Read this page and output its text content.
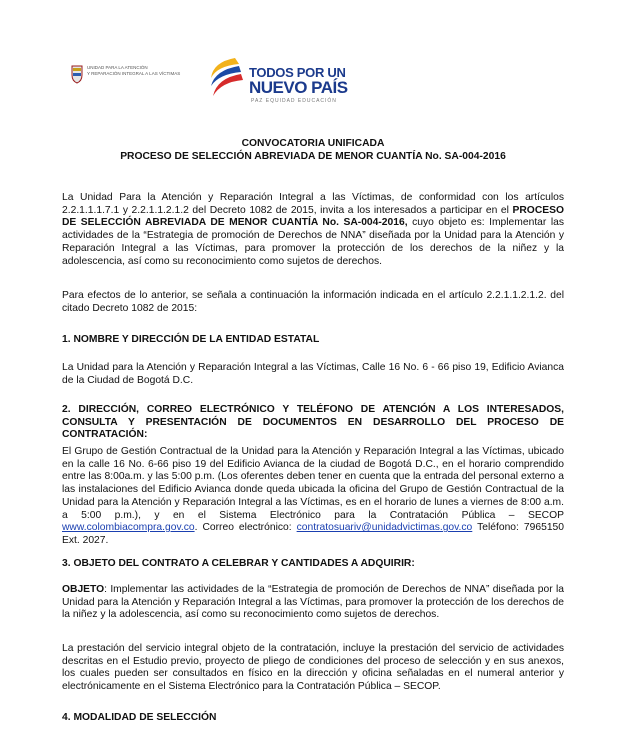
UNIDAD PARA LA ATENCIÓN
Y REPARACIÓN INTEGRAL A LAS VÍCTIMAS	TODOS POR UN
NUEVO PAÍS
PAZ EQUIDAD EDUCACIÓN
CONVOCATORIA UNIFICADA
PROCESO DE SELECCIÓN ABREVIADA DE MENOR CUANTÍA No. SA-004-2016

La Unidad Para la Atención y Reparación Integral a las Víctimas, de conformidad con los artículos 2.2.1.1.1.7.1 y 2.2.1.1.2.1.2 del Decreto 1082 de 2015, invita a los interesados a participar en el PROCESO DE SELECCIÓN ABREVIADA DE MENOR CUANTÍA No. SA-004-2016, cuyo objeto es: Implementar las actividades de la “Estrategia de promoción de Derechos de NNA” diseñada por la Unidad para la Atención y Reparación Integral a las Víctimas, para promover la protección de los derechos de la niñez y la adolescencia, así como su reconocimiento como sujetos de derechos.

Para efectos de lo anterior, se señala a continuación la información indicada en el artículo 2.2.1.1.2.1.2. del citado Decreto 1082 de 2015:

1. NOMBRE Y DIRECCIÓN DE LA ENTIDAD ESTATAL

La Unidad para la Atención y Reparación Integral a las Víctimas, Calle 16 No. 6 - 66 piso 19, Edificio Avianca de la Ciudad de Bogotá D.C.

2. DIRECCIÓN, CORREO ELECTRÓNICO Y TELÉFONO DE ATENCIÓN A LOS INTERESADOS, CONSULTA Y PRESENTACIÓN DE DOCUMENTOS EN DESARROLLO DEL PROCESO DE CONTRATACIÓN:

El Grupo de Gestión Contractual de la Unidad para la Atención y Reparación Integral a las Víctimas, ubicado en la calle 16 No. 6-66 piso 19 del Edificio Avianca de la ciudad de Bogotá D.C., en el horario comprendido entre las 8:00a.m. y las 5:00 p.m. (Los oferentes deben tener en cuenta que la entrada del personal externo a las instalaciones del Edificio Avianca donde queda ubicada la oficina del Grupo de Gestión Contractual de la Unidad para la Atención y Reparación Integral a las Víctimas, es en el horario de lunes a viernes de 8:00 a.m. a 5:00 p.m.), y en el Sistema Electrónico para la Contratación Pública – SECOP www.colombiacompra.gov.co. Correo electrónico: contratosuariv@unidadvictimas.gov.co Teléfono: 7965150 Ext. 2027.

3. OBJETO DEL CONTRATO A CELEBRAR Y CANTIDADES A ADQUIRIR:

OBJETO: Implementar las actividades de la “Estrategia de promoción de Derechos de NNA” diseñada por la Unidad para la Atención y Reparación Integral a las Víctimas, para promover la protección de los derechos de la niñez y la adolescencia, así como su reconocimiento como sujetos de derechos.

La prestación del servicio integral objeto de la contratación, incluye la prestación del servicio de actividades descritas en el Estudio previo, proyecto de pliego de condiciones del proceso de selección y en sus anexos, los cuales pueden ser consultados en físico en la dirección y oficina señaladas en el numeral anterior y electrónicamente en el Sistema Electrónico para la Contratación Pública – SECOP.

4. MODALIDAD DE SELECCIÓN
